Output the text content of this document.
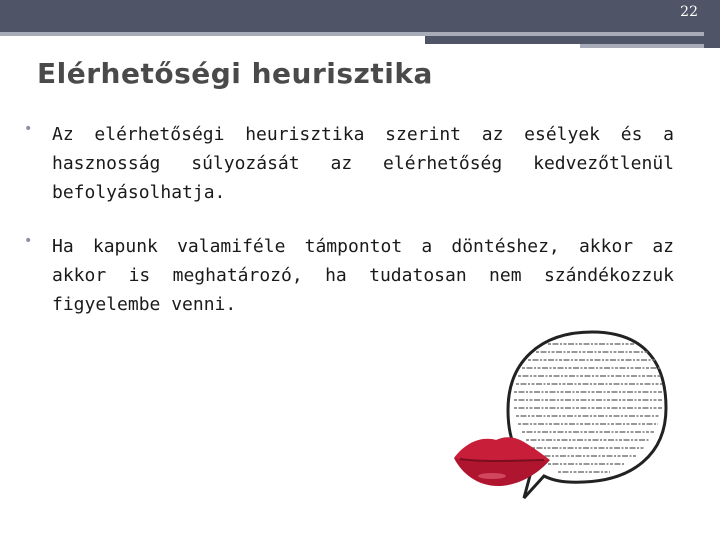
22
Elérhetőségi heurisztika
• Az elérhetőségi heurisztika szerint az esélyek és a hasznosság súlyozását az elérhetőség kedvezőtlenül befolyásolhatja.
• Ha kapunk valamiféle támpontot a döntéshez, akkor az akkor is meghatározó, ha tudatosan nem szándékozzuk figyelembe venni.
